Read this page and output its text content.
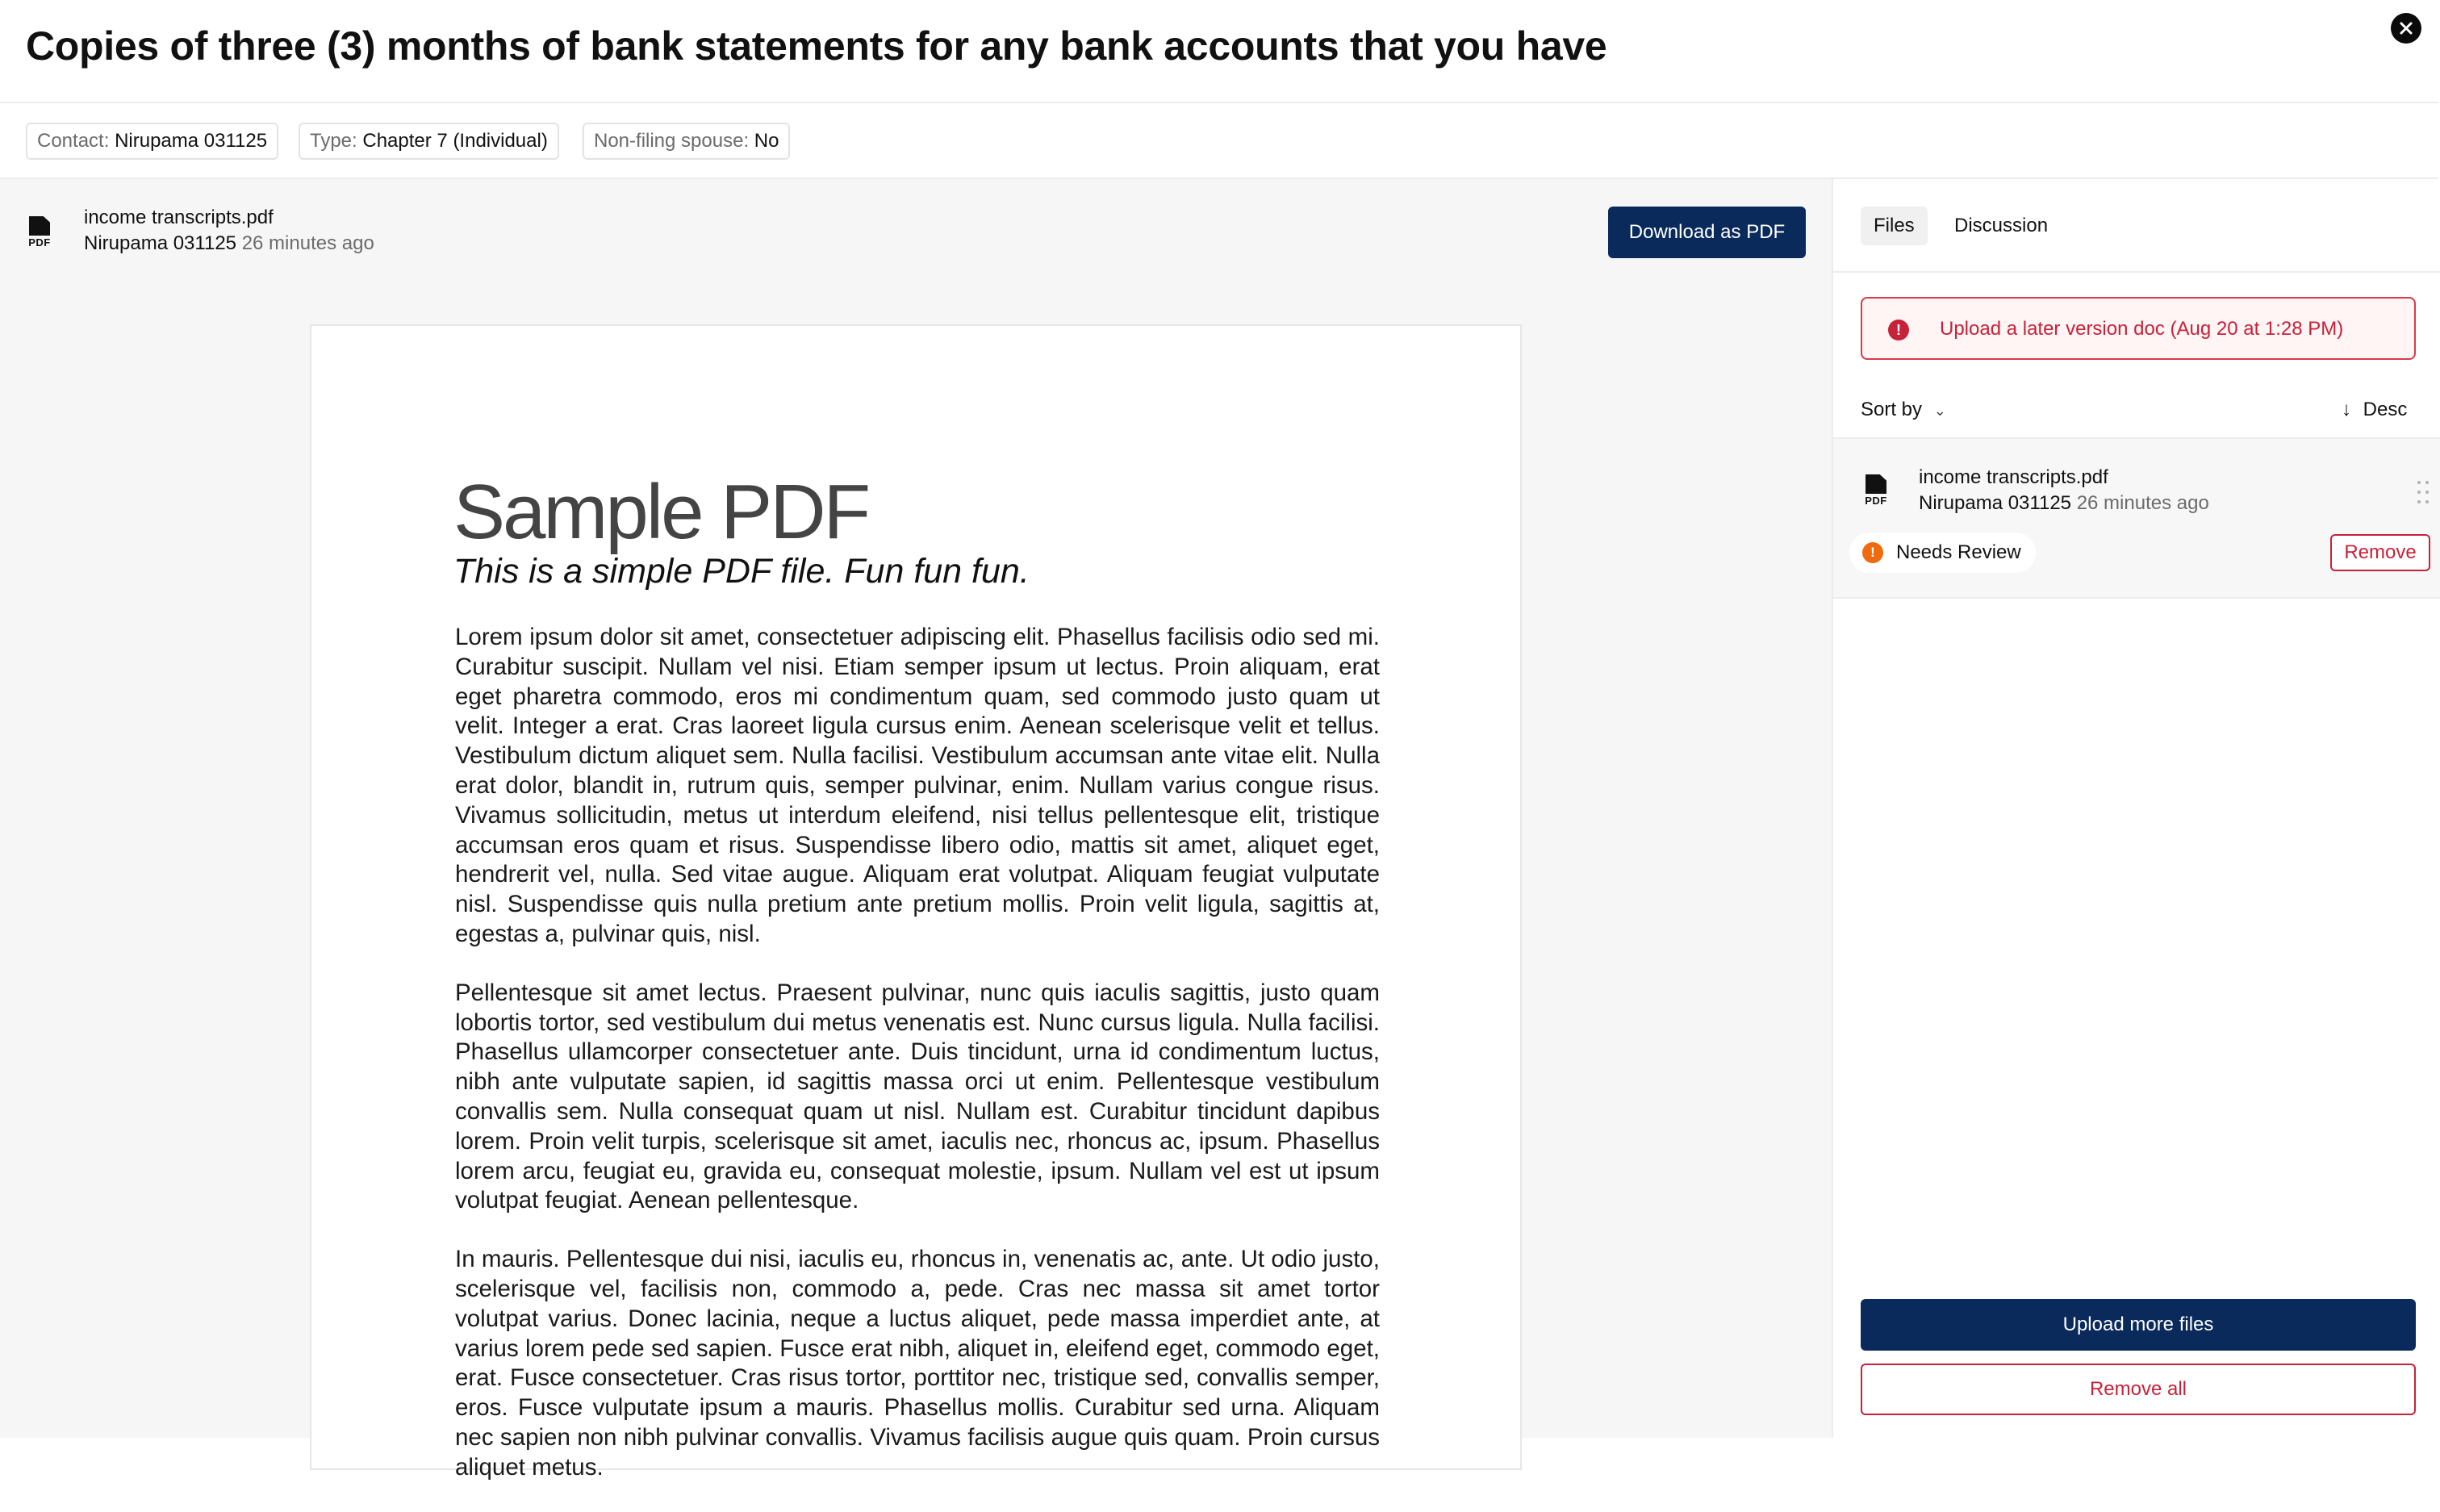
Copies of three (3) months of bank statements for any bank accounts that you have
Contact: Nirupama 031125	Type: Chapter 7 (Individual)	Non-filing spouse: No
PDF
income transcripts.pdf
Nirupama 031125 26 minutes ago
Download as PDF
Sample PDF
This is a simple PDF file. Fun fun fun.

Lorem ipsum dolor sit amet, consectetuer adipiscing elit. Phasellus facilisis odio sed mi. Curabitur suscipit. Nullam vel nisi. Etiam semper ipsum ut lectus. Proin aliquam, erat eget pharetra commodo, eros mi condimentum quam, sed commodo justo quam ut velit. Integer a erat. Cras laoreet ligula cursus enim. Aenean scelerisque velit et tellus. Vestibulum dictum aliquet sem. Nulla facilisi. Vestibulum accumsan ante vitae elit. Nulla erat dolor, blandit in, rutrum quis, semper pulvinar, enim. Nullam varius congue risus. Vivamus sollicitudin, metus ut interdum eleifend, nisi tellus pellentesque elit, tristique accumsan eros quam et risus. Suspendisse libero odio, mattis sit amet, aliquet eget, hendrerit vel, nulla. Sed vitae augue. Aliquam erat volutpat. Aliquam feugiat vulputate nisl. Suspendisse quis nulla pretium ante pretium mollis. Proin velit ligula, sagittis at, egestas a, pulvinar quis, nisl.

Pellentesque sit amet lectus. Praesent pulvinar, nunc quis iaculis sagittis, justo quam lobortis tortor, sed vestibulum dui metus venenatis est. Nunc cursus ligula. Nulla facilisi. Phasellus ullamcorper consectetuer ante. Duis tincidunt, urna id condimentum luctus, nibh ante vulputate sapien, id sagittis massa orci ut enim. Pellentesque vestibulum convallis sem. Nulla consequat quam ut nisl. Nullam est. Curabitur tincidunt dapibus lorem. Proin velit turpis, scelerisque sit amet, iaculis nec, rhoncus ac, ipsum. Phasellus lorem arcu, feugiat eu, gravida eu, consequat molestie, ipsum. Nullam vel est ut ipsum volutpat feugiat. Aenean pellentesque.

In mauris. Pellentesque dui nisi, iaculis eu, rhoncus in, venenatis ac, ante. Ut odio justo, scelerisque vel, facilisis non, commodo a, pede. Cras nec massa sit amet tortor volutpat varius. Donec lacinia, neque a luctus aliquet, pede massa imperdiet ante, at varius lorem pede sed sapien. Fusce erat nibh, aliquet in, eleifend eget, commodo eget, erat. Fusce consectetuer. Cras risus tortor, porttitor nec, tristique sed, convallis semper, eros. Fusce vulputate ipsum a mauris. Phasellus mollis. Curabitur sed urna. Aliquam nec sapien non nibh pulvinar convallis. Vivamus facilisis augue quis quam. Proin cursus aliquet metus.

Files	Discussion
!	Upload a later version doc (Aug 20 at 1:28 PM)
Sort by ⌄	↓ Desc
PDF
income transcripts.pdf
Nirupama 031125 26 minutes ago
!	Needs Review	Remove
Upload more files
Remove all
